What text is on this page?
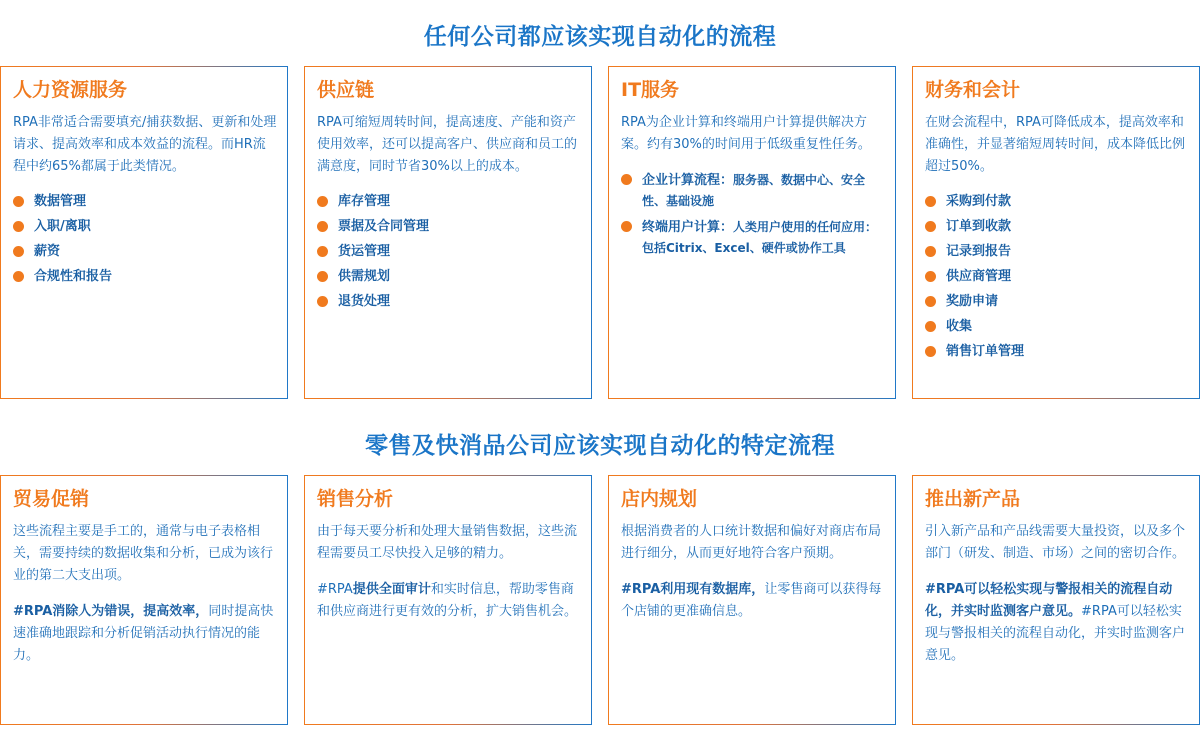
任何公司都应该实现自动化的流程
人力资源服务

RPA非常适合需要填充/捕获数据、更新和处理请求、提高效率和成本效益的流程。而HR流程中约65%都属于此类情况。

数据管理
入职/离职
薪资
合规性和报告
供应链

RPA可缩短周转时间，提高速度、产能和资产使用效率，还可以提高客户、供应商和员工的满意度，同时节省30%以上的成本。

库存管理
票据及合同管理
货运管理
供需规划
退货处理
IT服务

RPA为企业计算和终端用户计算提供解决方案。约有30%的时间用于低级重复性任务。

企业计算流程：服务器、数据中心、安全性、基础设施
终端用户计算：人类用户使用的任何应用：包括Citrix、Excel、硬件或协作工具
财务和会计

在财会流程中，RPA可降低成本，提高效率和准确性，并显著缩短周转时间，成本降低比例超过50%。

采购到付款
订单到收款
记录到报告
供应商管理
奖励申请
收集
销售订单管理
零售及快消品公司应该实现自动化的特定流程
贸易促销

这些流程主要是手工的，通常与电子表格相关，需要持续的数据收集和分析，已成为该行业的第二大支出项。

#RPA消除人为错误，提高效率，同时提高快速准确地跟踪和分析促销活动执行情况的能力。

销售分析

由于每天要分析和处理大量销售数据，这些流程需要员工尽快投入足够的精力。

#RPA提供全面审计和实时信息，帮助零售商和供应商进行更有效的分析，扩大销售机会。

店内规划

根据消费者的人口统计数据和偏好对商店布局进行细分，从而更好地符合客户预期。

#RPA利用现有数据库，让零售商可以获得每个店铺的更准确信息。

推出新产品

引入新产品和产品线需要大量投资，以及多个部门（研发、制造、市场）之间的密切合作。

#RPA可以轻松实现与警报相关的流程自动化，并实时监测客户意见。#RPA可以轻松实现与警报相关的流程自动化，并实时监测客户意见。
